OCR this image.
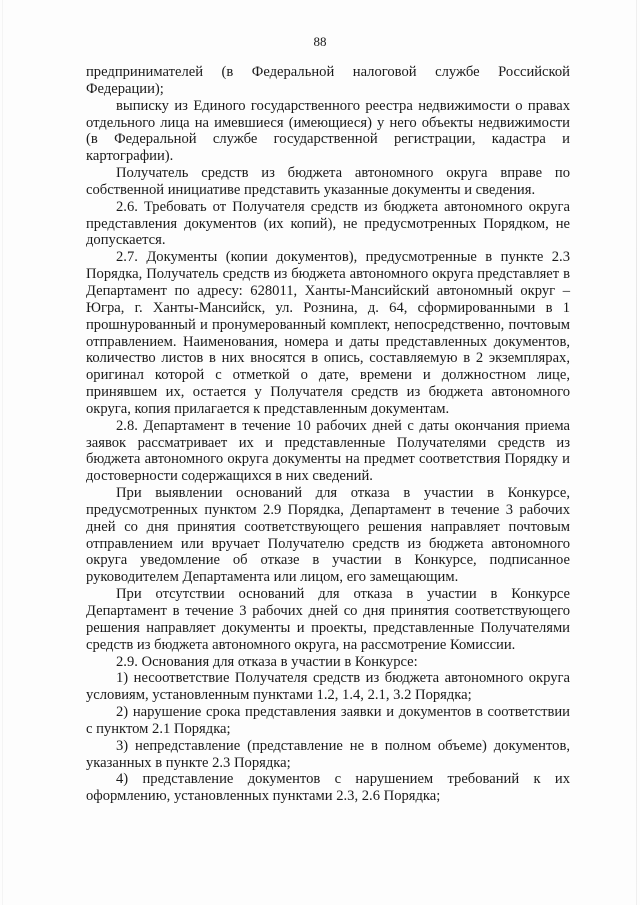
88

предпринимателей (в Федеральной налоговой службе Российской Федерации);

выписку из Единого государственного реестра недвижимости о правах отдельного лица на имевшиеся (имеющиеся) у него объекты недвижимости (в Федеральной службе государственной регистрации, кадастра и картографии).

Получатель средств из бюджета автономного округа вправе по собственной инициативе представить указанные документы и сведения.

2.6. Требовать от Получателя средств из бюджета автономного округа представления документов (их копий), не предусмотренных Порядком, не допускается.

2.7. Документы (копии документов), предусмотренные в пункте 2.3 Порядка, Получатель средств из бюджета автономного округа представляет в Департамент по адресу: 628011, Ханты-Мансийский автономный округ – Югра, г. Ханты-Мансийск, ул. Рознина, д. 64, сформированными в 1 прошнурованный и пронумерованный комплект, непосредственно, почтовым отправлением. Наименования, номера и даты представленных документов, количество листов в них вносятся в опись, составляемую в 2 экземплярах, оригинал которой с отметкой о дате, времени и должностном лице, принявшем их, остается у Получателя средств из бюджета автономного округа, копия прилагается к представленным документам.

2.8. Департамент в течение 10 рабочих дней с даты окончания приема заявок рассматривает их и представленные Получателями средств из бюджета автономного округа документы на предмет соответствия Порядку и достоверности содержащихся в них сведений.

При выявлении оснований для отказа в участии в Конкурсе, предусмотренных пунктом 2.9 Порядка, Департамент в течение 3 рабочих дней со дня принятия соответствующего решения направляет почтовым отправлением или вручает Получателю средств из бюджета автономного округа уведомление об отказе в участии в Конкурсе, подписанное руководителем Департамента или лицом, его замещающим.

При отсутствии оснований для отказа в участии в Конкурсе Департамент в течение 3 рабочих дней со дня принятия соответствующего решения направляет документы и проекты, представленные Получателями средств из бюджета автономного округа, на рассмотрение Комиссии.

2.9. Основания для отказа в участии в Конкурсе:

1) несоответствие Получателя средств из бюджета автономного округа условиям, установленным пунктами 1.2, 1.4, 2.1, 3.2 Порядка;

2) нарушение срока представления заявки и документов в соответствии с пунктом 2.1 Порядка;

3) непредставление (представление не в полном объеме) документов, указанных в пункте 2.3 Порядка;

4) представление документов с нарушением требований к их оформлению, установленных пунктами 2.3, 2.6 Порядка;
